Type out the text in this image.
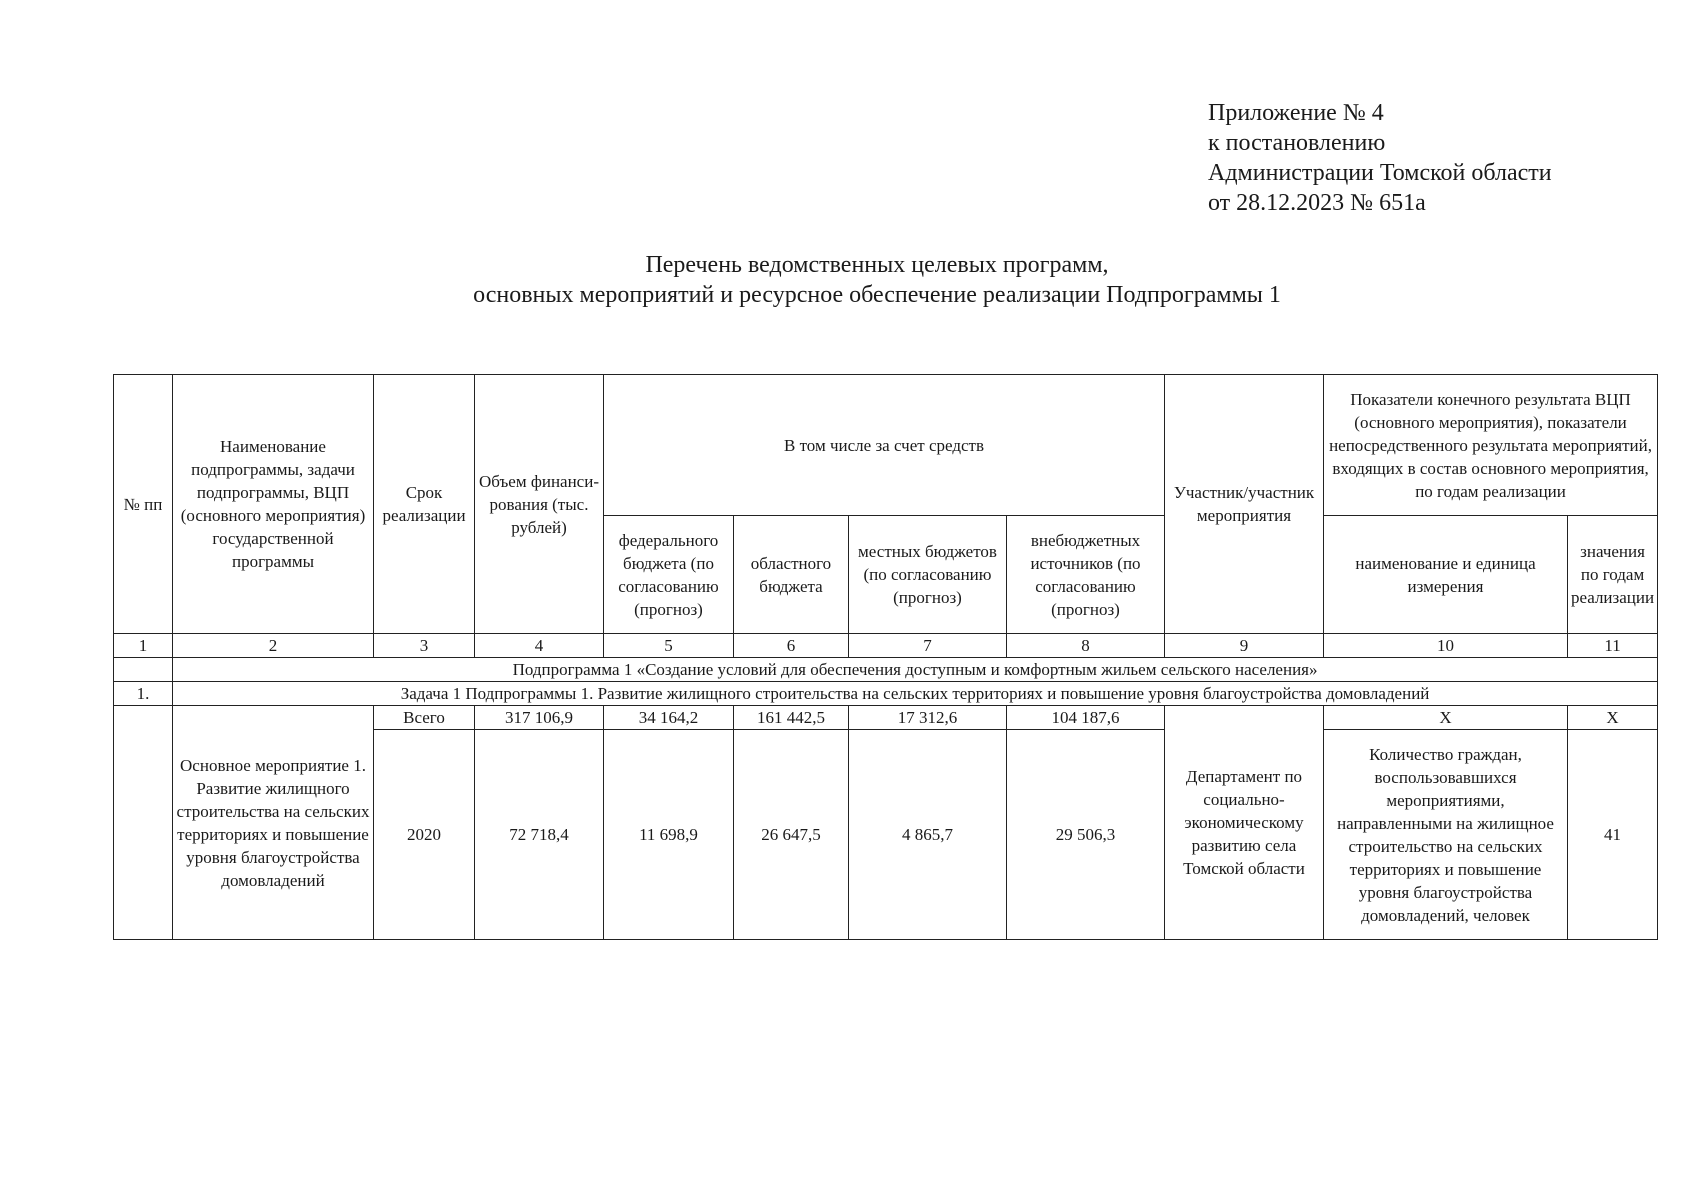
Приложение № 4
к постановлению
Администрации Томской области
от 28.12.2023 № 651а
Перечень ведомственных целевых программ,
основных мероприятий и ресурсное обеспечение реализации Подпрограммы 1
№ пп	Наименование подпрограммы, задачи подпрограммы, ВЦП (основного мероприятия) государственной программы	Срок реализации	Объем финанси-рования (тыс. рублей)	В том числе за счет средств				Участник/участник мероприятия	Показатели конечного результата ВЦП (основного мероприятия), показатели непосредственного результата мероприятий, входящих в состав основного мероприятия, по годам реализации	
				федерального бюджета (по согласованию (прогноз)	областного бюджета	местных бюджетов (по согласованию (прогноз)	внебюджетных источников (по согласованию (прогноз)		наименование и единица измерения	значения по годам реализации
1	2	3	4	5	6	7	8	9	10	11
	Подпрограмма 1 «Создание условий для обеспечения доступным и комфортным жильем сельского населения»									
1.	Задача 1 Подпрограммы 1. Развитие жилищного строительства на сельских территориях и повышение уровня благоустройства домовладений									
	Основное мероприятие 1. Развитие жилищного строительства на сельских территориях и повышение уровня благоустройства домовладений	Всего	317 106,9	34 164,2	161 442,5	17 312,6	104 187,6	Департамент по социально-экономическому развитию села Томской области	Х	Х
		2020	72 718,4	11 698,9	26 647,5	4 865,7	29 506,3		Количество граждан, воспользовавшихся мероприятиями, направленными на жилищное строительство на сельских территориях и повышение уровня благоустройства домовладений, человек	41
